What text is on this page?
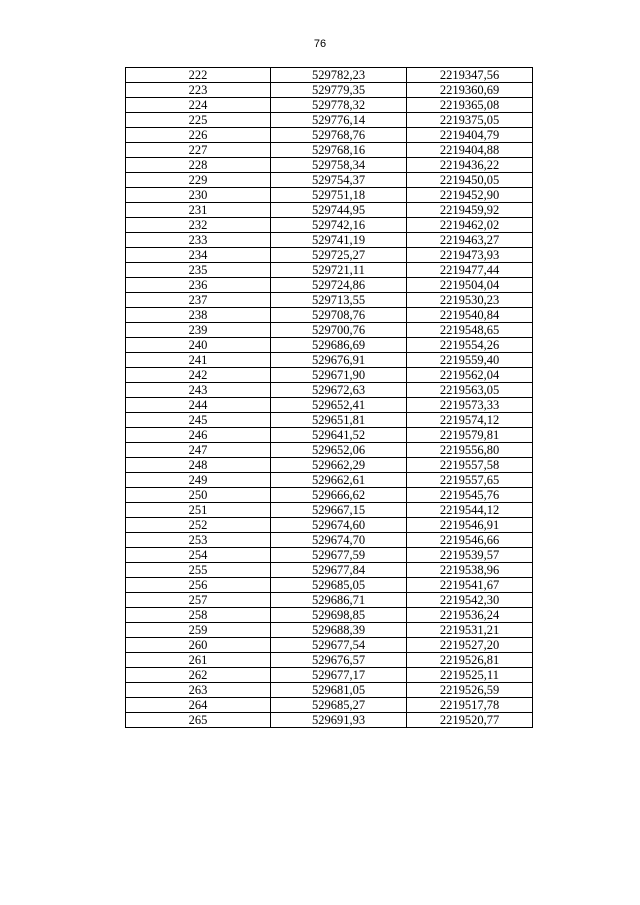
76
222	529782,23	2219347,56
223	529779,35	2219360,69
224	529778,32	2219365,08
225	529776,14	2219375,05
226	529768,76	2219404,79
227	529768,16	2219404,88
228	529758,34	2219436,22
229	529754,37	2219450,05
230	529751,18	2219452,90
231	529744,95	2219459,92
232	529742,16	2219462,02
233	529741,19	2219463,27
234	529725,27	2219473,93
235	529721,11	2219477,44
236	529724,86	2219504,04
237	529713,55	2219530,23
238	529708,76	2219540,84
239	529700,76	2219548,65
240	529686,69	2219554,26
241	529676,91	2219559,40
242	529671,90	2219562,04
243	529672,63	2219563,05
244	529652,41	2219573,33
245	529651,81	2219574,12
246	529641,52	2219579,81
247	529652,06	2219556,80
248	529662,29	2219557,58
249	529662,61	2219557,65
250	529666,62	2219545,76
251	529667,15	2219544,12
252	529674,60	2219546,91
253	529674,70	2219546,66
254	529677,59	2219539,57
255	529677,84	2219538,96
256	529685,05	2219541,67
257	529686,71	2219542,30
258	529698,85	2219536,24
259	529688,39	2219531,21
260	529677,54	2219527,20
261	529676,57	2219526,81
262	529677,17	2219525,11
263	529681,05	2219526,59
264	529685,27	2219517,78
265	529691,93	2219520,77
